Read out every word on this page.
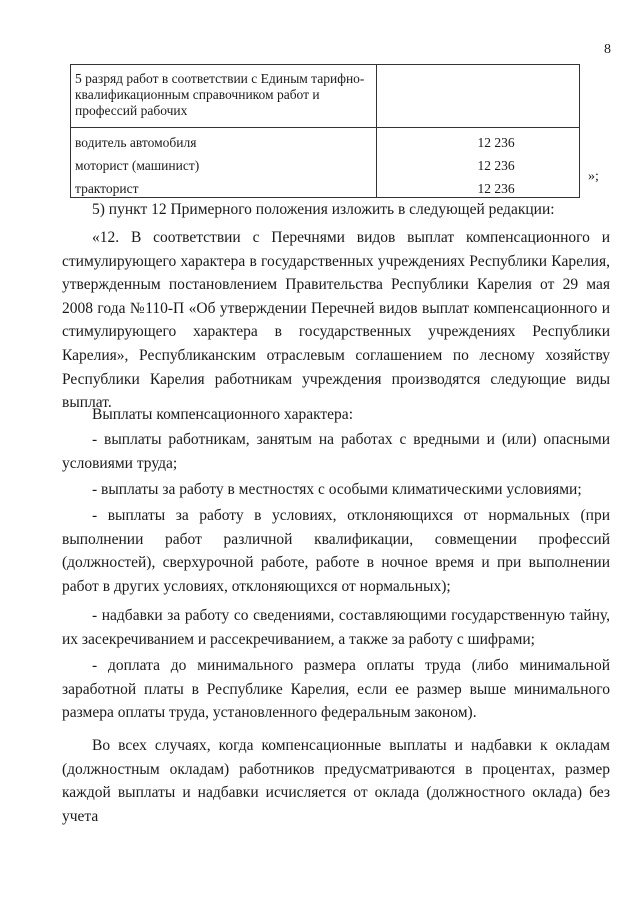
8
5 разряд работ в соответствии с Единым тарифно-квалификационным справочником работ и профессий рабочих	
водитель автомобиля	12 236
моторист (машинист)	12 236
тракторист	12 236
»;
5) пункт 12 Примерного положения изложить в следующей редакции:
«12. В соответствии с Перечнями видов выплат компенсационного и стимулирующего характера в государственных учреждениях Республики Карелия, утвержденным постановлением Правительства Республики Карелия от 29 мая 2008 года №110-П «Об утверждении Перечней видов выплат компенсационного и стимулирующего характера в государственных учреждениях Республики Карелия», Республиканским отраслевым соглашением по лесному хозяйству Республики Карелия работникам учреждения производятся следующие виды выплат.
Выплаты компенсационного характера:
- выплаты работникам, занятым на работах с вредными и (или) опасными условиями труда;
- выплаты за работу в местностях с особыми климатическими условиями;
- выплаты за работу в условиях, отклоняющихся от нормальных (при выполнении работ различной квалификации, совмещении профессий (должностей), сверхурочной работе, работе в ночное время и при выполнении работ в других условиях, отклоняющихся от нормальных);
- надбавки за работу со сведениями, составляющими государственную тайну, их засекречиванием и рассекречиванием, а также за работу с шифрами;
- доплата до минимального размера оплаты труда (либо минимальной заработной платы в Республике Карелия, если ее размер выше минимального размера оплаты труда, установленного федеральным законом).
Во всех случаях, когда компенсационные выплаты и надбавки к окладам (должностным окладам) работников предусматриваются в процентах, размер каждой выплаты и надбавки исчисляется от оклада (должностного оклада) без учета
